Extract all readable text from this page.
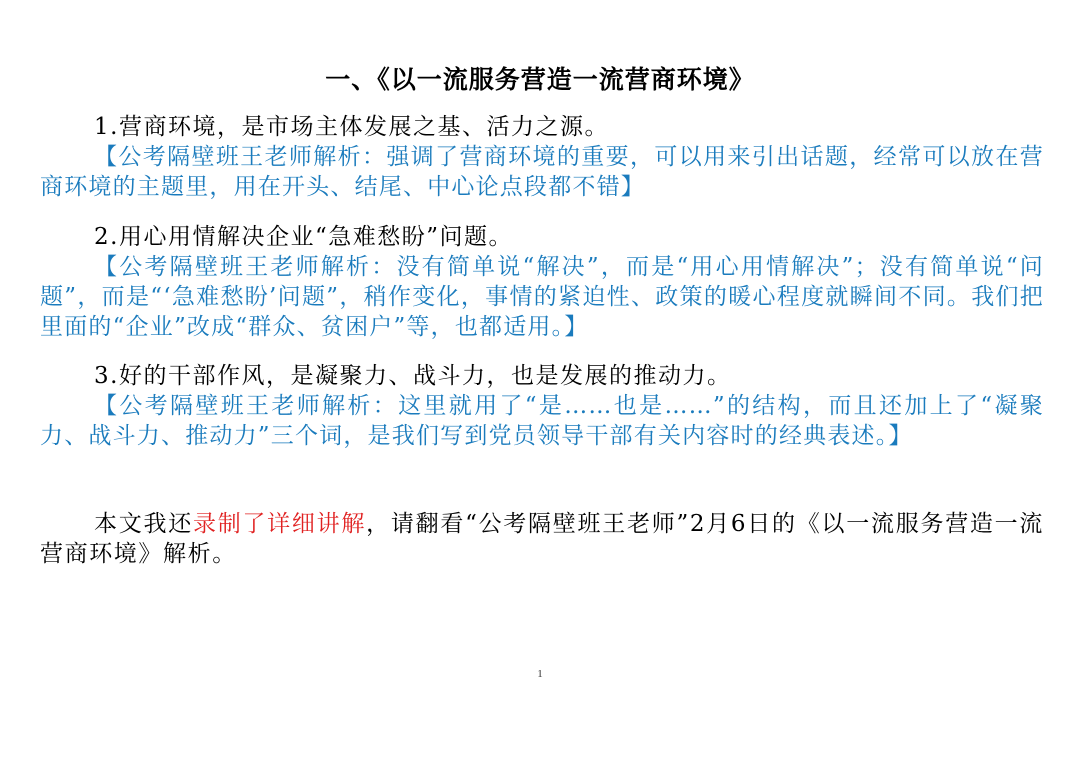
一、《以一流服务营造一流营商环境》

1.营商环境，是市场主体发展之基、活力之源。

【公考隔壁班王老师解析：强调了营商环境的重要，可以用来引出话题，经常可以放在营商环境的主题里，用在开头、结尾、中心论点段都不错】

2.用心用情解决企业“急难愁盼”问题。

【公考隔壁班王老师解析：没有简单说“解决”，而是“用心用情解决”；没有简单说“问题”，而是“‘急难愁盼’问题”，稍作变化，事情的紧迫性、政策的暖心程度就瞬间不同。我们把里面的“企业”改成“群众、贫困户”等，也都适用。】

3.好的干部作风，是凝聚力、战斗力，也是发展的推动力。

【公考隔壁班王老师解析：这里就用了“是……也是……”的结构，而且还加上了“凝聚力、战斗力、推动力”三个词，是我们写到党员领导干部有关内容时的经典表述。】

本文我还录制了详细讲解，请翻看“公考隔壁班王老师”2月6日的《以一流服务营造一流营商环境》解析。

1
